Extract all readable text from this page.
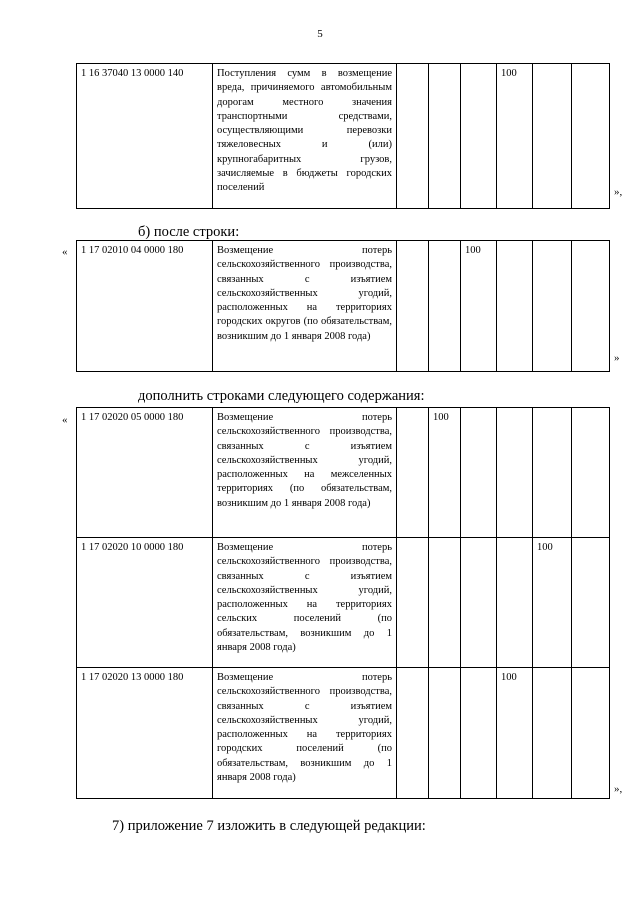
5
1 16 37040 13 0000 140	Поступления сумм в возмещение вреда, причиняемого автомобильным дорогам местного значения транспортными средствами, осуществляющими перевозки тяжеловесных и (или) крупногабаритных грузов, зачисляемые в бюджеты городских поселений				100		
»,
б) после строки:
« 1 17 02010 04 0000 180	Возмещение потерь сельскохозяйственного производства, связанных с изъятием сельскохозяйственных угодий, расположенных на территориях городских округов (по обязательствам, возникшим до 1 января 2008 года)			100			
»
дополнить строками следующего содержания:
« 1 17 02020 05 0000 180	Возмещение потерь сельскохозяйственного производства, связанных с изъятием сельскохозяйственных угодий, расположенных на межселенных территориях (по обязательствам, возникшим до 1 января 2008 года)		100				
1 17 02020 10 0000 180	Возмещение потерь сельскохозяйственного производства, связанных с изъятием сельскохозяйственных угодий, расположенных на территориях сельских поселений (по обязательствам, возникшим до 1 января 2008 года)					100	
1 17 02020 13 0000 180	Возмещение потерь сельскохозяйственного производства, связанных с изъятием сельскохозяйственных угодий, расположенных на территориях городских поселений (по обязательствам, возникшим до 1 января 2008 года)				100		
»,
7) приложение 7 изложить в следующей редакции:
